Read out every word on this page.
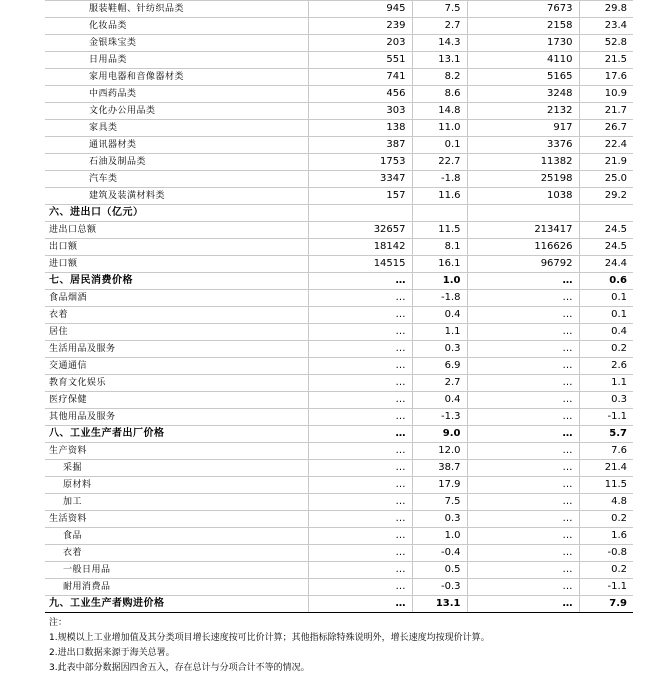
服装鞋帽、针纺织品类	945	7.5	7673	29.8
化妆品类	239	2.7	2158	23.4
金银珠宝类	203	14.3	1730	52.8
日用品类	551	13.1	4110	21.5
家用电器和音像器材类	741	8.2	5165	17.6
中西药品类	456	8.6	3248	10.9
文化办公用品类	303	14.8	2132	21.7
家具类	138	11.0	917	26.7
通讯器材类	387	0.1	3376	22.4
石油及制品类	1753	22.7	11382	21.9
汽车类	3347	-1.8	25198	25.0
建筑及装潢材料类	157	11.6	1038	29.2
六、进出口（亿元）				
进出口总额	32657	11.5	213417	24.5
出口额	18142	8.1	116626	24.5
进口额	14515	16.1	96792	24.4
七、居民消费价格	…	1.0	…	0.6
食品烟酒	…	-1.8	…	0.1
衣着	…	0.4	…	0.1
居住	…	1.1	…	0.4
生活用品及服务	…	0.3	…	0.2
交通通信	…	6.9	…	2.6
教育文化娱乐	…	2.7	…	1.1
医疗保健	…	0.4	…	0.3
其他用品及服务	…	-1.3	…	-1.1
八、工业生产者出厂价格	…	9.0	…	5.7
生产资料	…	12.0	…	7.6
采掘	…	38.7	…	21.4
原材料	…	17.9	…	11.5
加工	…	7.5	…	4.8
生活资料	…	0.3	…	0.2
食品	…	1.0	…	1.6
衣着	…	-0.4	…	-0.8
一般日用品	…	0.5	…	0.2
耐用消费品	…	-0.3	…	-1.1
九、工业生产者购进价格	…	13.1	…	7.9
注：
1.规模以上工业增加值及其分类项目增长速度按可比价计算；其他指标除特殊说明外，增长速度均按现价计算。
2.进出口数据来源于海关总署。
3.此表中部分数据因四舍五入，存在总计与分项合计不等的情况。
